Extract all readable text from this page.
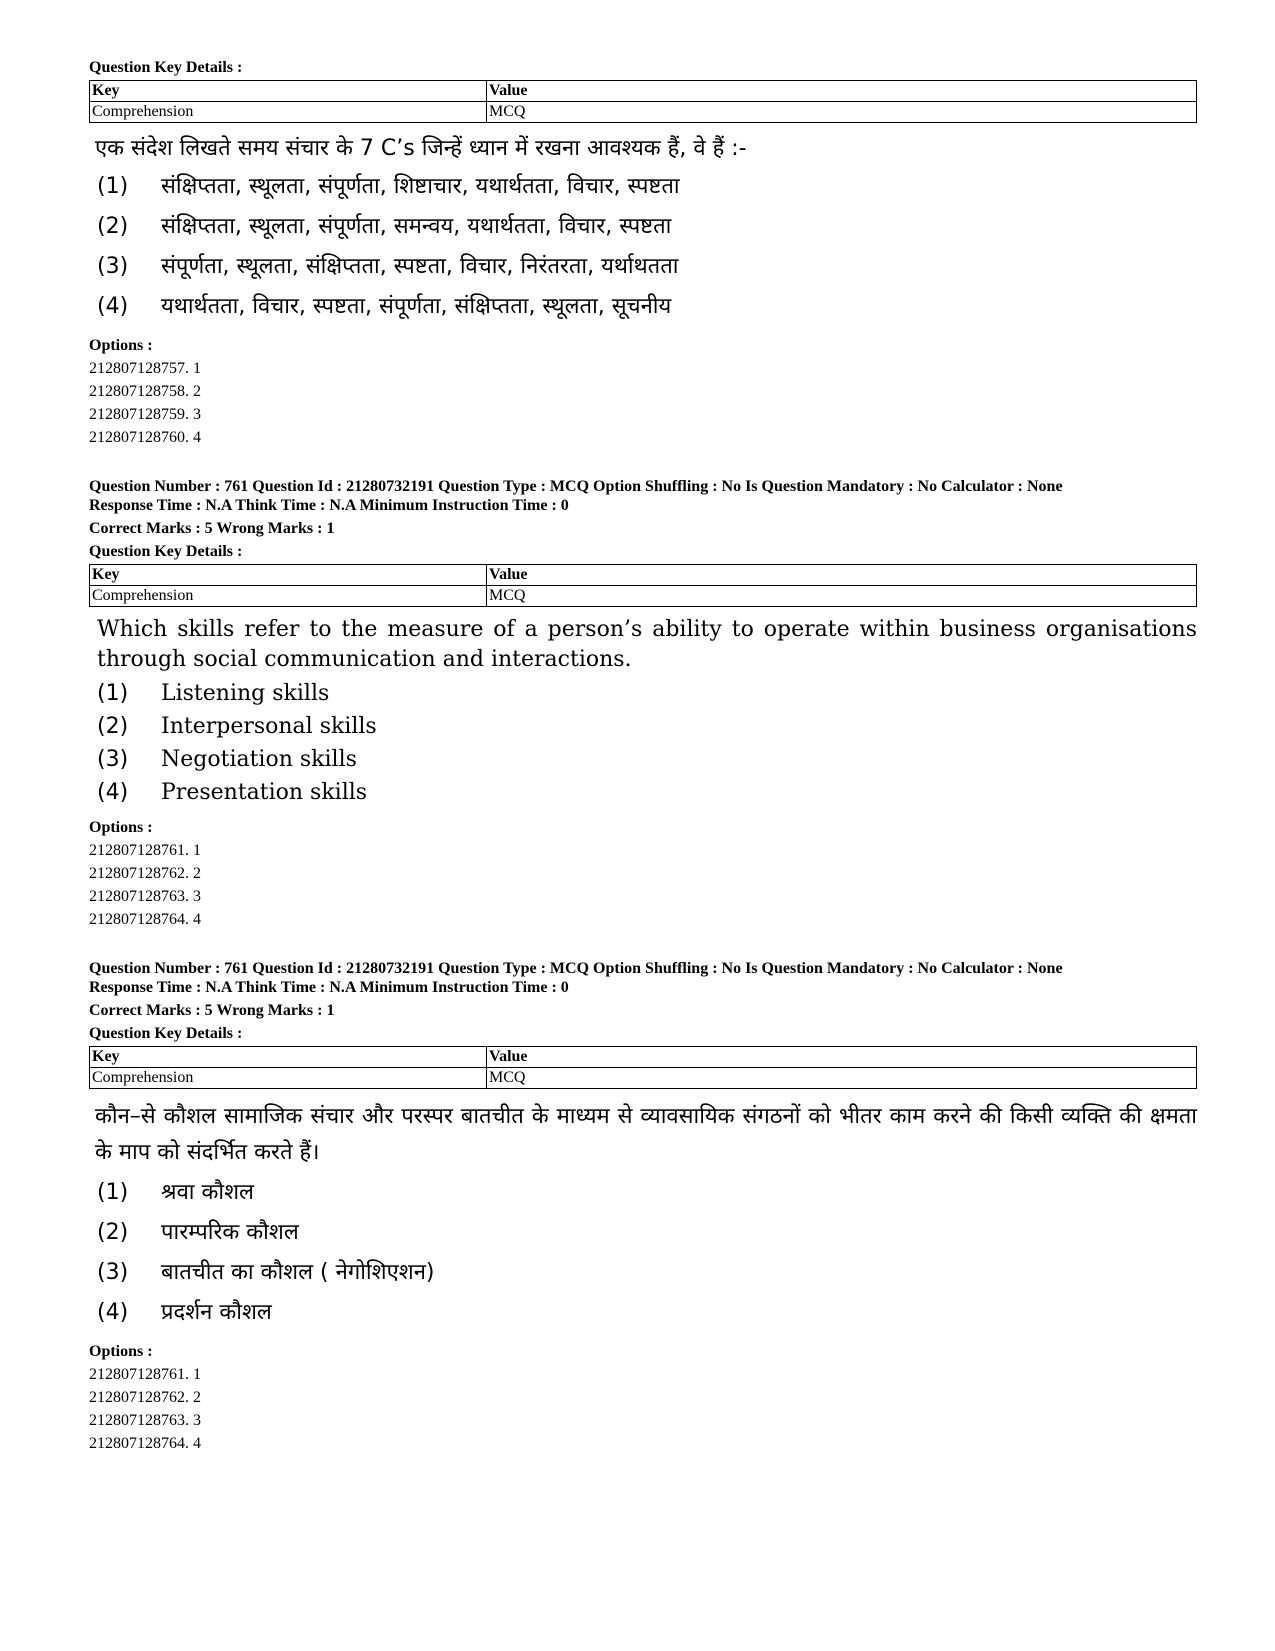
Question Key Details :
Key	Value
Comprehension	MCQ
एक संदेश लिखते समय संचार के 7 C’s जिन्हें ध्यान में रखना आवश्यक हैं, वे हैं :-
(1)	संक्षिप्तता, स्थूलता, संपूर्णता, शिष्टाचार, यथार्थतता, विचार, स्पष्टता
(2)	संक्षिप्तता, स्थूलता, संपूर्णता, समन्वय, यथार्थतता, विचार, स्पष्टता
(3)	संपूर्णता, स्थूलता, संक्षिप्तता, स्पष्टता, विचार, निरंतरता, यर्थाथतता
(4)	यथार्थतता, विचार, स्पष्टता, संपूर्णता, संक्षिप्तता, स्थूलता, सूचनीय
Options :
212807128757. 1
212807128758. 2
212807128759. 3
212807128760. 4
Question Number : 761 Question Id : 21280732191 Question Type : MCQ Option Shuffling : No Is Question Mandatory : No Calculator : None
Response Time : N.A Think Time : N.A Minimum Instruction Time : 0
Correct Marks : 5 Wrong Marks : 1
Question Key Details :
Key	Value
Comprehension	MCQ
Which skills refer to the measure of a person’s ability to operate within business organisations through social communication and interactions.
(1)	Listening skills
(2)	Interpersonal skills
(3)	Negotiation skills
(4)	Presentation skills
Options :
212807128761. 1
212807128762. 2
212807128763. 3
212807128764. 4
Question Number : 761 Question Id : 21280732191 Question Type : MCQ Option Shuffling : No Is Question Mandatory : No Calculator : None
Response Time : N.A Think Time : N.A Minimum Instruction Time : 0
Correct Marks : 5 Wrong Marks : 1
Question Key Details :
Key	Value
Comprehension	MCQ
कौन–से कौशल सामाजिक संचार और परस्पर बातचीत के माध्यम से व्यावसायिक संगठनों को भीतर काम करने की किसी व्यक्ति की क्षमता के माप को संदर्भित करते हैं।
(1)	श्रवा कौशल
(2)	पारम्परिक कौशल
(3)	बातचीत का कौशल ( नेगोशिएशन)
(4)	प्रदर्शन कौशल
Options :
212807128761. 1
212807128762. 2
212807128763. 3
212807128764. 4
